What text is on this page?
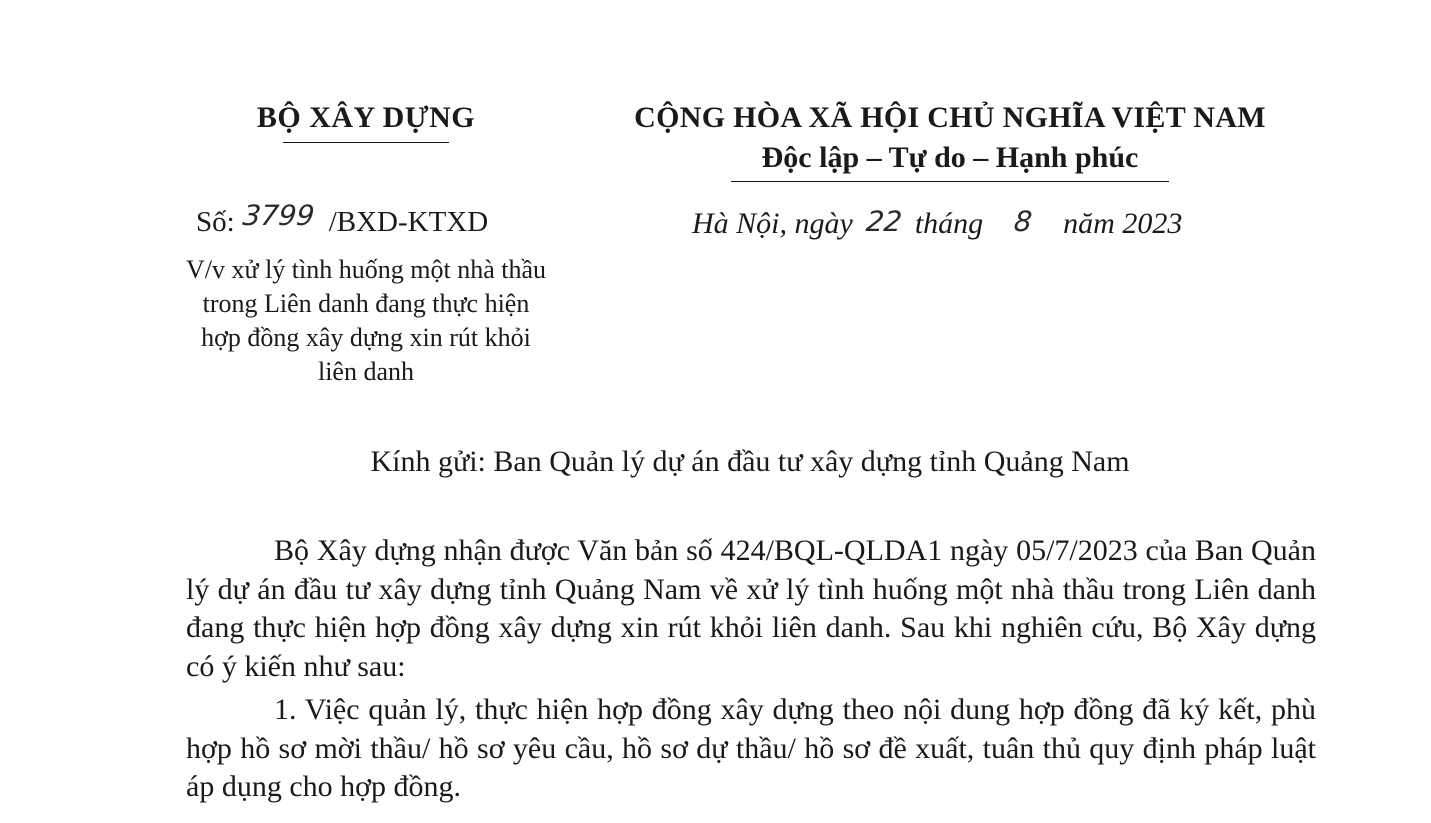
BỘ XÂY DỰNG	CỘNG HÒA XÃ HỘI CHỦ NGHĨA VIỆT NAM

Độc lập – Tự do – Hạnh phúc

Số: 3799 /BXD-KTXD
V/v xử lý tình huống một nhà thầu
trong Liên danh đang thực hiện
hợp đồng xây dựng xin rút khỏi
liên danh
Hà Nội, ngày 22 tháng 8 năm 2023
Kính gửi: Ban Quản lý dự án đầu tư xây dựng tỉnh Quảng Nam

Bộ Xây dựng nhận được Văn bản số 424/BQL-QLDA1 ngày 05/7/2023 của Ban Quản lý dự án đầu tư xây dựng tỉnh Quảng Nam về xử lý tình huống một nhà thầu trong Liên danh đang thực hiện hợp đồng xây dựng xin rút khỏi liên danh. Sau khi nghiên cứu, Bộ Xây dựng có ý kiến như sau:

1. Việc quản lý, thực hiện hợp đồng xây dựng theo nội dung hợp đồng đã ký kết, phù hợp hồ sơ mời thầu/ hồ sơ yêu cầu, hồ sơ dự thầu/ hồ sơ đề xuất, tuân thủ quy định pháp luật áp dụng cho hợp đồng.
